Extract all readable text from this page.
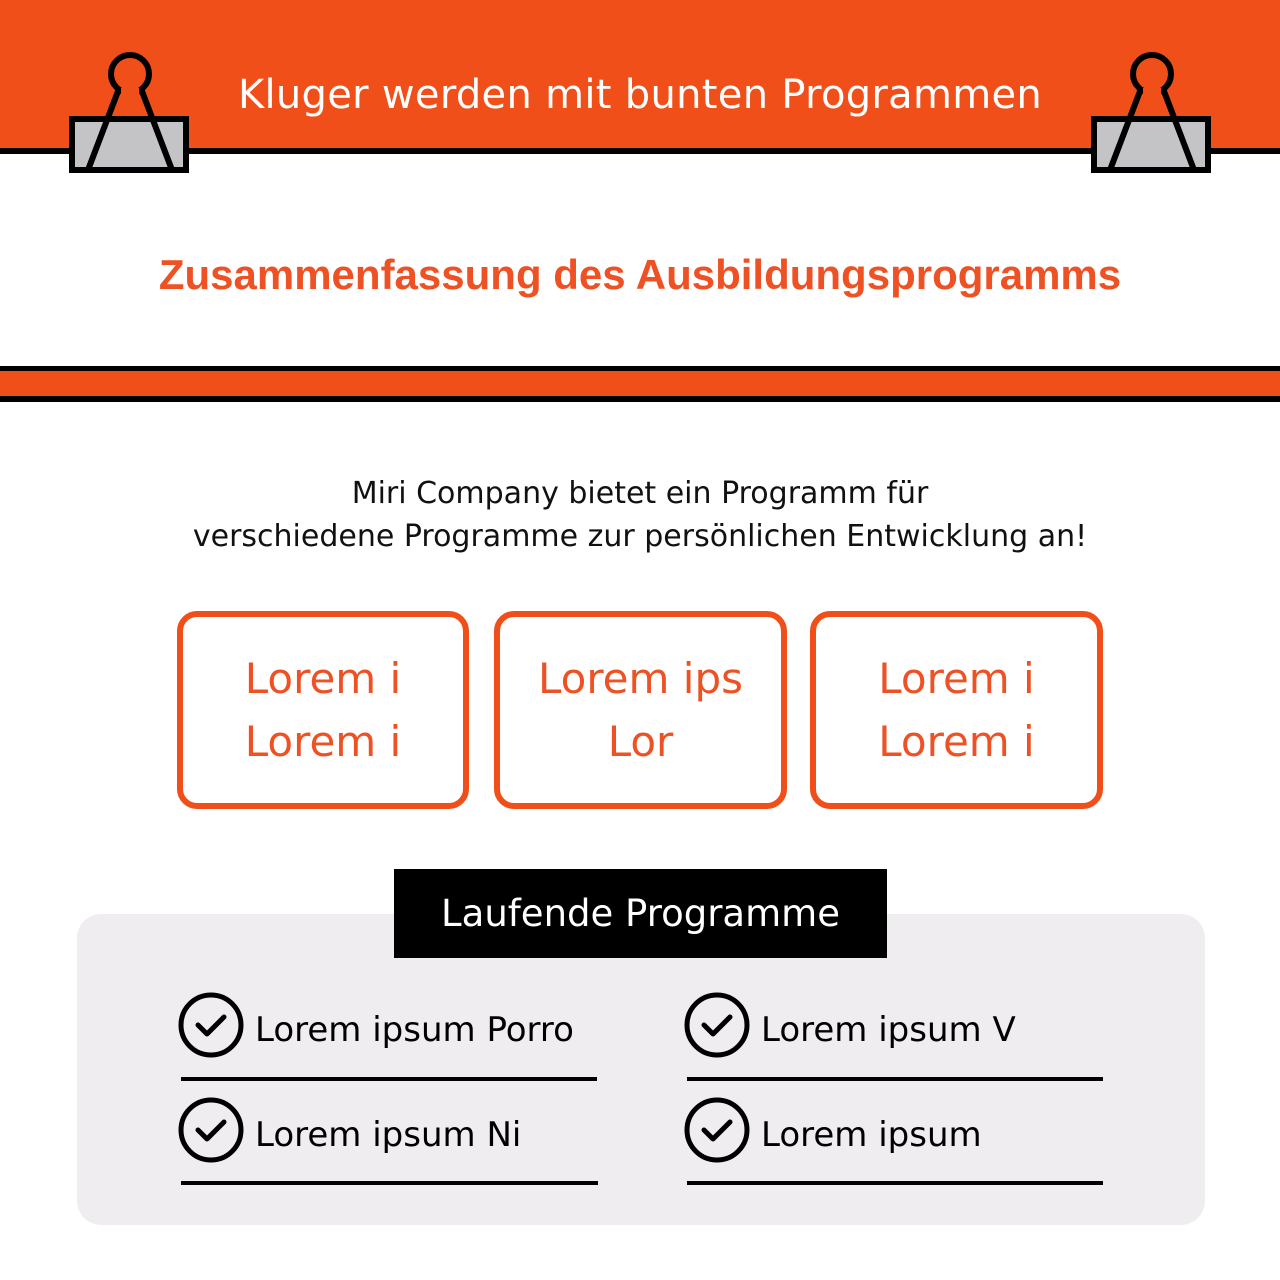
Kluger werden mit bunten Programmen
Zusammenfassung des Ausbildungsprogramms
Miri Company bietet ein Programm für
verschiedene Programme zur persönlichen Entwicklung an!
Lorem i
Lorem i
Lorem ips
Lor
Lorem i
Lorem i
Laufende Programme
Lorem ipsum Porro	Lorem ipsum V
Lorem ipsum Ni	Lorem ipsum
